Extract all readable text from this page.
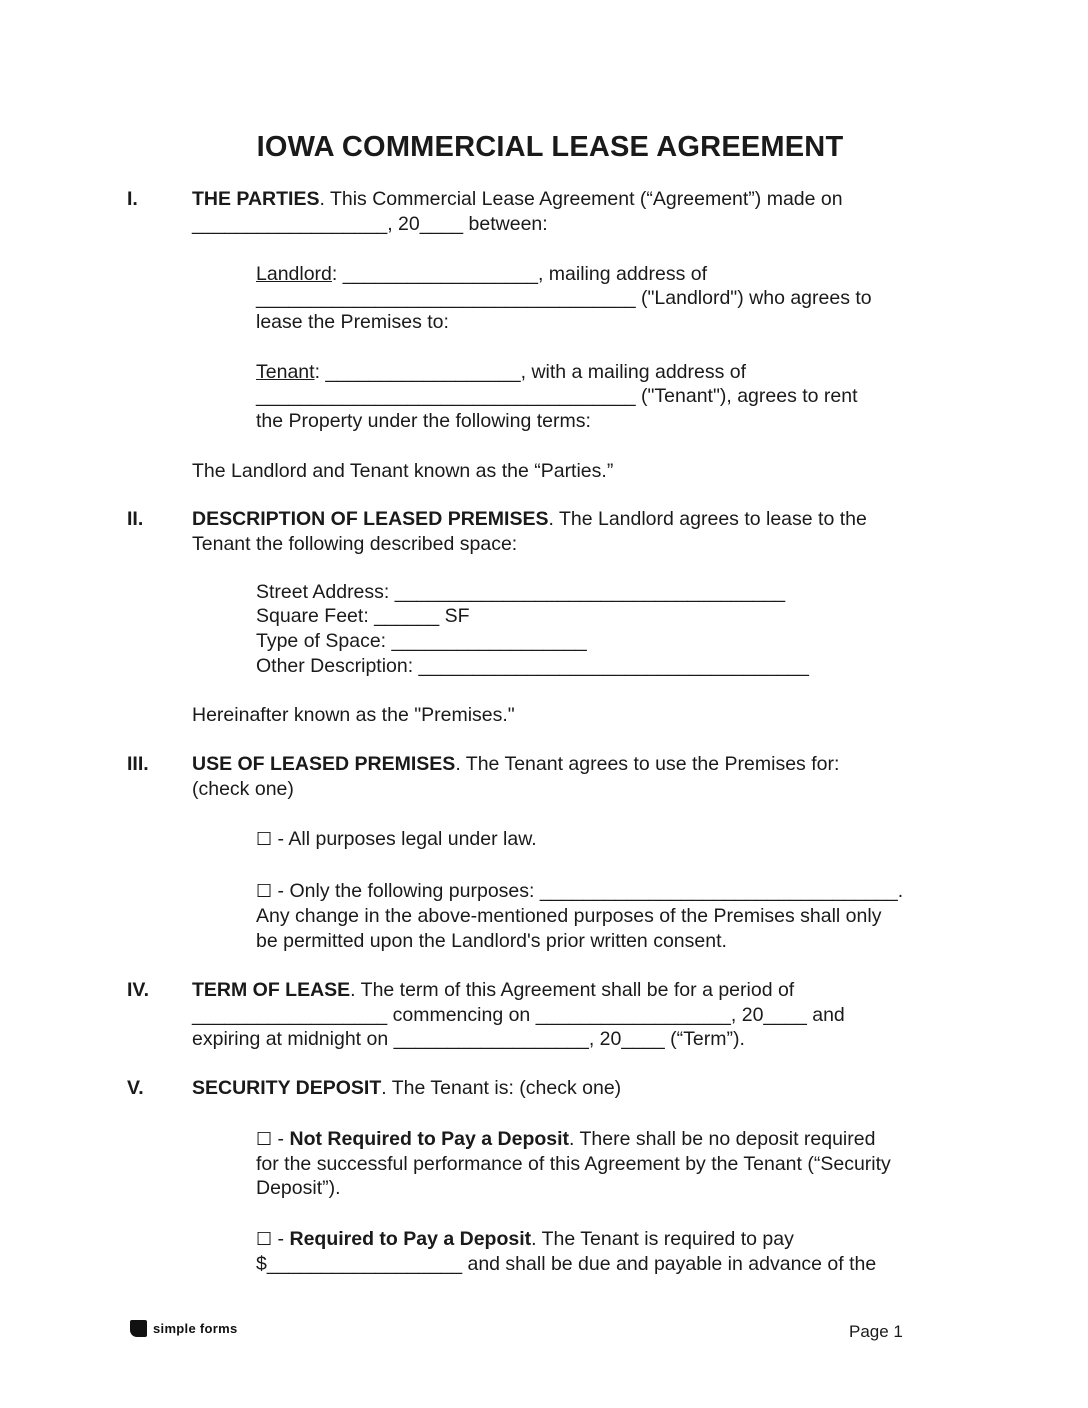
IOWA COMMERCIAL LEASE AGREEMENT
I.	THE PARTIES. This Commercial Lease Agreement (“Agreement”) made on
__________________, 20____ between:
Landlord: __________________, mailing address of
___________________________________ ("Landlord") who agrees to
lease the Premises to:
Tenant: __________________, with a mailing address of
___________________________________ ("Tenant"), agrees to rent
the Property under the following terms:
The Landlord and Tenant known as the “Parties.”
II. DESCRIPTION OF LEASED PREMISES. The Landlord agrees to lease to the
Tenant the following described space:
Street Address: ____________________________________
Square Feet: ______ SF
Type of Space: __________________
Other Description: ____________________________________
Hereinafter known as the "Premises."
III. USE OF LEASED PREMISES. The Tenant agrees to use the Premises for:
(check one)
☐ - All purposes legal under law.
☐ - Only the following purposes: _________________________________.
Any change in the above-mentioned purposes of the Premises shall only
be permitted upon the Landlord's prior written consent.
IV. TERM OF LEASE. The term of this Agreement shall be for a period of
__________________ commencing on __________________, 20____ and
expiring at midnight on __________________, 20____ (“Term”).
V. SECURITY DEPOSIT. The Tenant is: (check one)
☐ - Not Required to Pay a Deposit. There shall be no deposit required
for the successful performance of this Agreement by the Tenant (“Security
Deposit”).
☐ - Required to Pay a Deposit. The Tenant is required to pay
$__________________ and shall be due and payable in advance of the
simple forms	Page 1
